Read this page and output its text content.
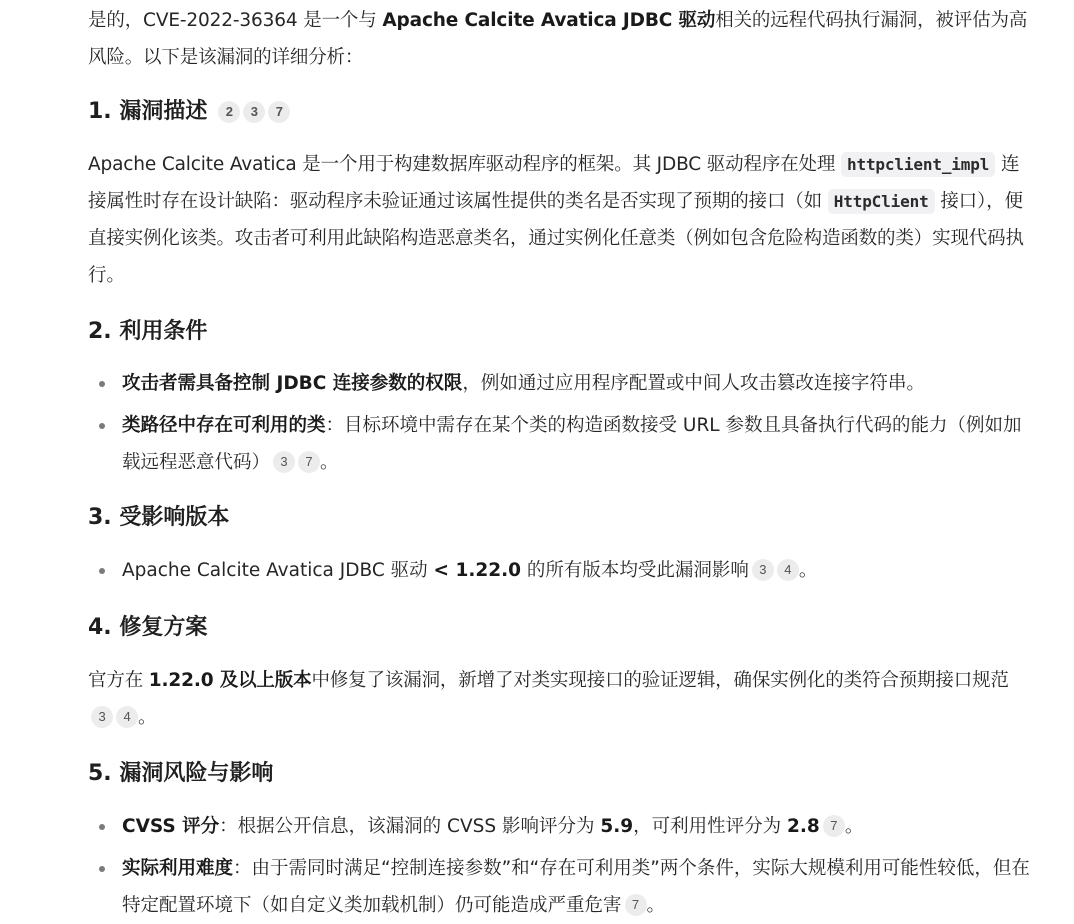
是的，CVE-2022-36364 是一个与 Apache Calcite Avatica JDBC 驱动相关的远程代码执行漏洞，被评估为高风险。以下是该漏洞的详细分析：

1. 漏洞描述 2 3 7

Apache Calcite Avatica 是一个用于构建数据库驱动程序的框架。其 JDBC 驱动程序在处理 httpclient_impl 连接属性时存在设计缺陷：驱动程序未验证通过该属性提供的类名是否实现了预期的接口（如 HttpClient 接口），便直接实例化该类。攻击者可利用此缺陷构造恶意类名，通过实例化任意类（例如包含危险构造函数的类）实现代码执行。

2. 利用条件
攻击者需具备控制 JDBC 连接参数的权限，例如通过应用程序配置或中间人攻击篡改连接字符串。
类路径中存在可利用的类：目标环境中需存在某个类的构造函数接受 URL 参数且具备执行代码的能力（例如加载远程恶意代码） 3 7 。
3. 受影响版本
Apache Calcite Avatica JDBC 驱动 < 1.22.0 的所有版本均受此漏洞影响 3 4 。
4. 修复方案

官方在 1.22.0 及以上版本中修复了该漏洞，新增了对类实现接口的验证逻辑，确保实例化的类符合预期接口规范3 4 。

5. 漏洞风险与影响
CVSS 评分：根据公开信息，该漏洞的 CVSS 影响评分为 5.9，可利用性评分为 2.8 7 。
实际利用难度：由于需同时满足“控制连接参数”和“存在可利用类”两个条件，实际大规模利用可能性较低，但在特定配置环境下（如自定义类加载机制）仍可能造成严重危害 7 。
